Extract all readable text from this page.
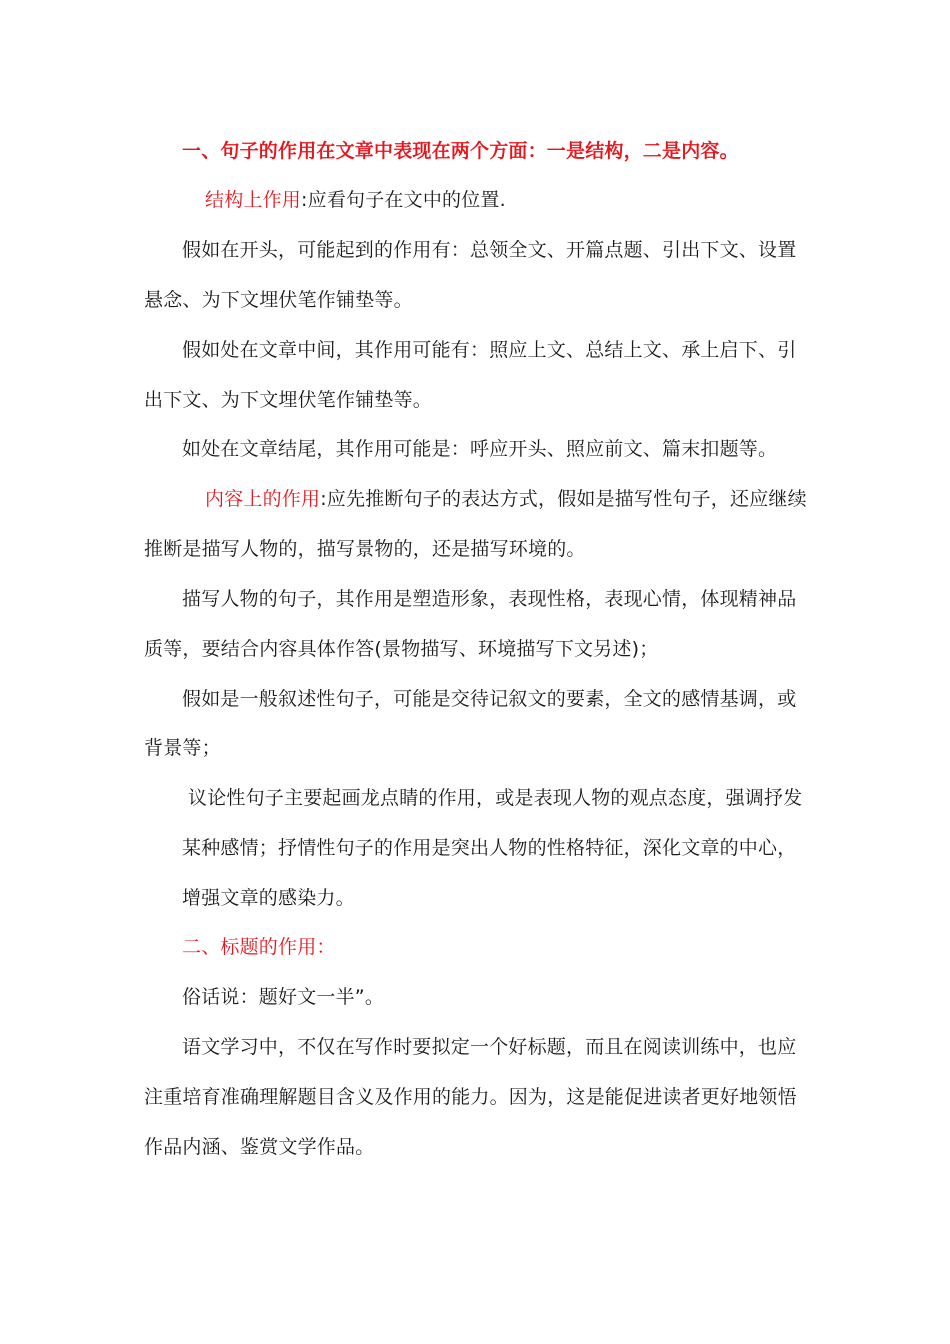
一、句子的作用在文章中表现在两个方面：一是结构，二是内容。

结构上作用:应看句子在文中的位置.

假如在开头，可能起到的作用有：总领全文、开篇点题、引出下文、设置

悬念、为下文埋伏笔作铺垫等。

假如处在文章中间，其作用可能有：照应上文、总结上文、承上启下、引

出下文、为下文埋伏笔作铺垫等。

如处在文章结尾，其作用可能是：呼应开头、照应前文、篇末扣题等。

内容上的作用:应先推断句子的表达方式，假如是描写性句子，还应继续

推断是描写人物的，描写景物的，还是描写环境的。

描写人物的句子，其作用是塑造形象，表现性格，表现心情，体现精神品

质等，要结合内容具体作答(景物描写、环境描写下文另述)；

假如是一般叙述性句子，可能是交待记叙文的要素，全文的感情基调，或

背景等；

议论性句子主要起画龙点睛的作用，或是表现人物的观点态度，强调抒发

某种感情；抒情性句子的作用是突出人物的性格特征，深化文章的中心，

增强文章的感染力。

二、标题的作用：

俗话说：题好文一半”。

语文学习中，不仅在写作时要拟定一个好标题，而且在阅读训练中，也应

注重培育准确理解题目含义及作用的能力。因为，这是能促进读者更好地领悟

作品内涵、鉴赏文学作品。
